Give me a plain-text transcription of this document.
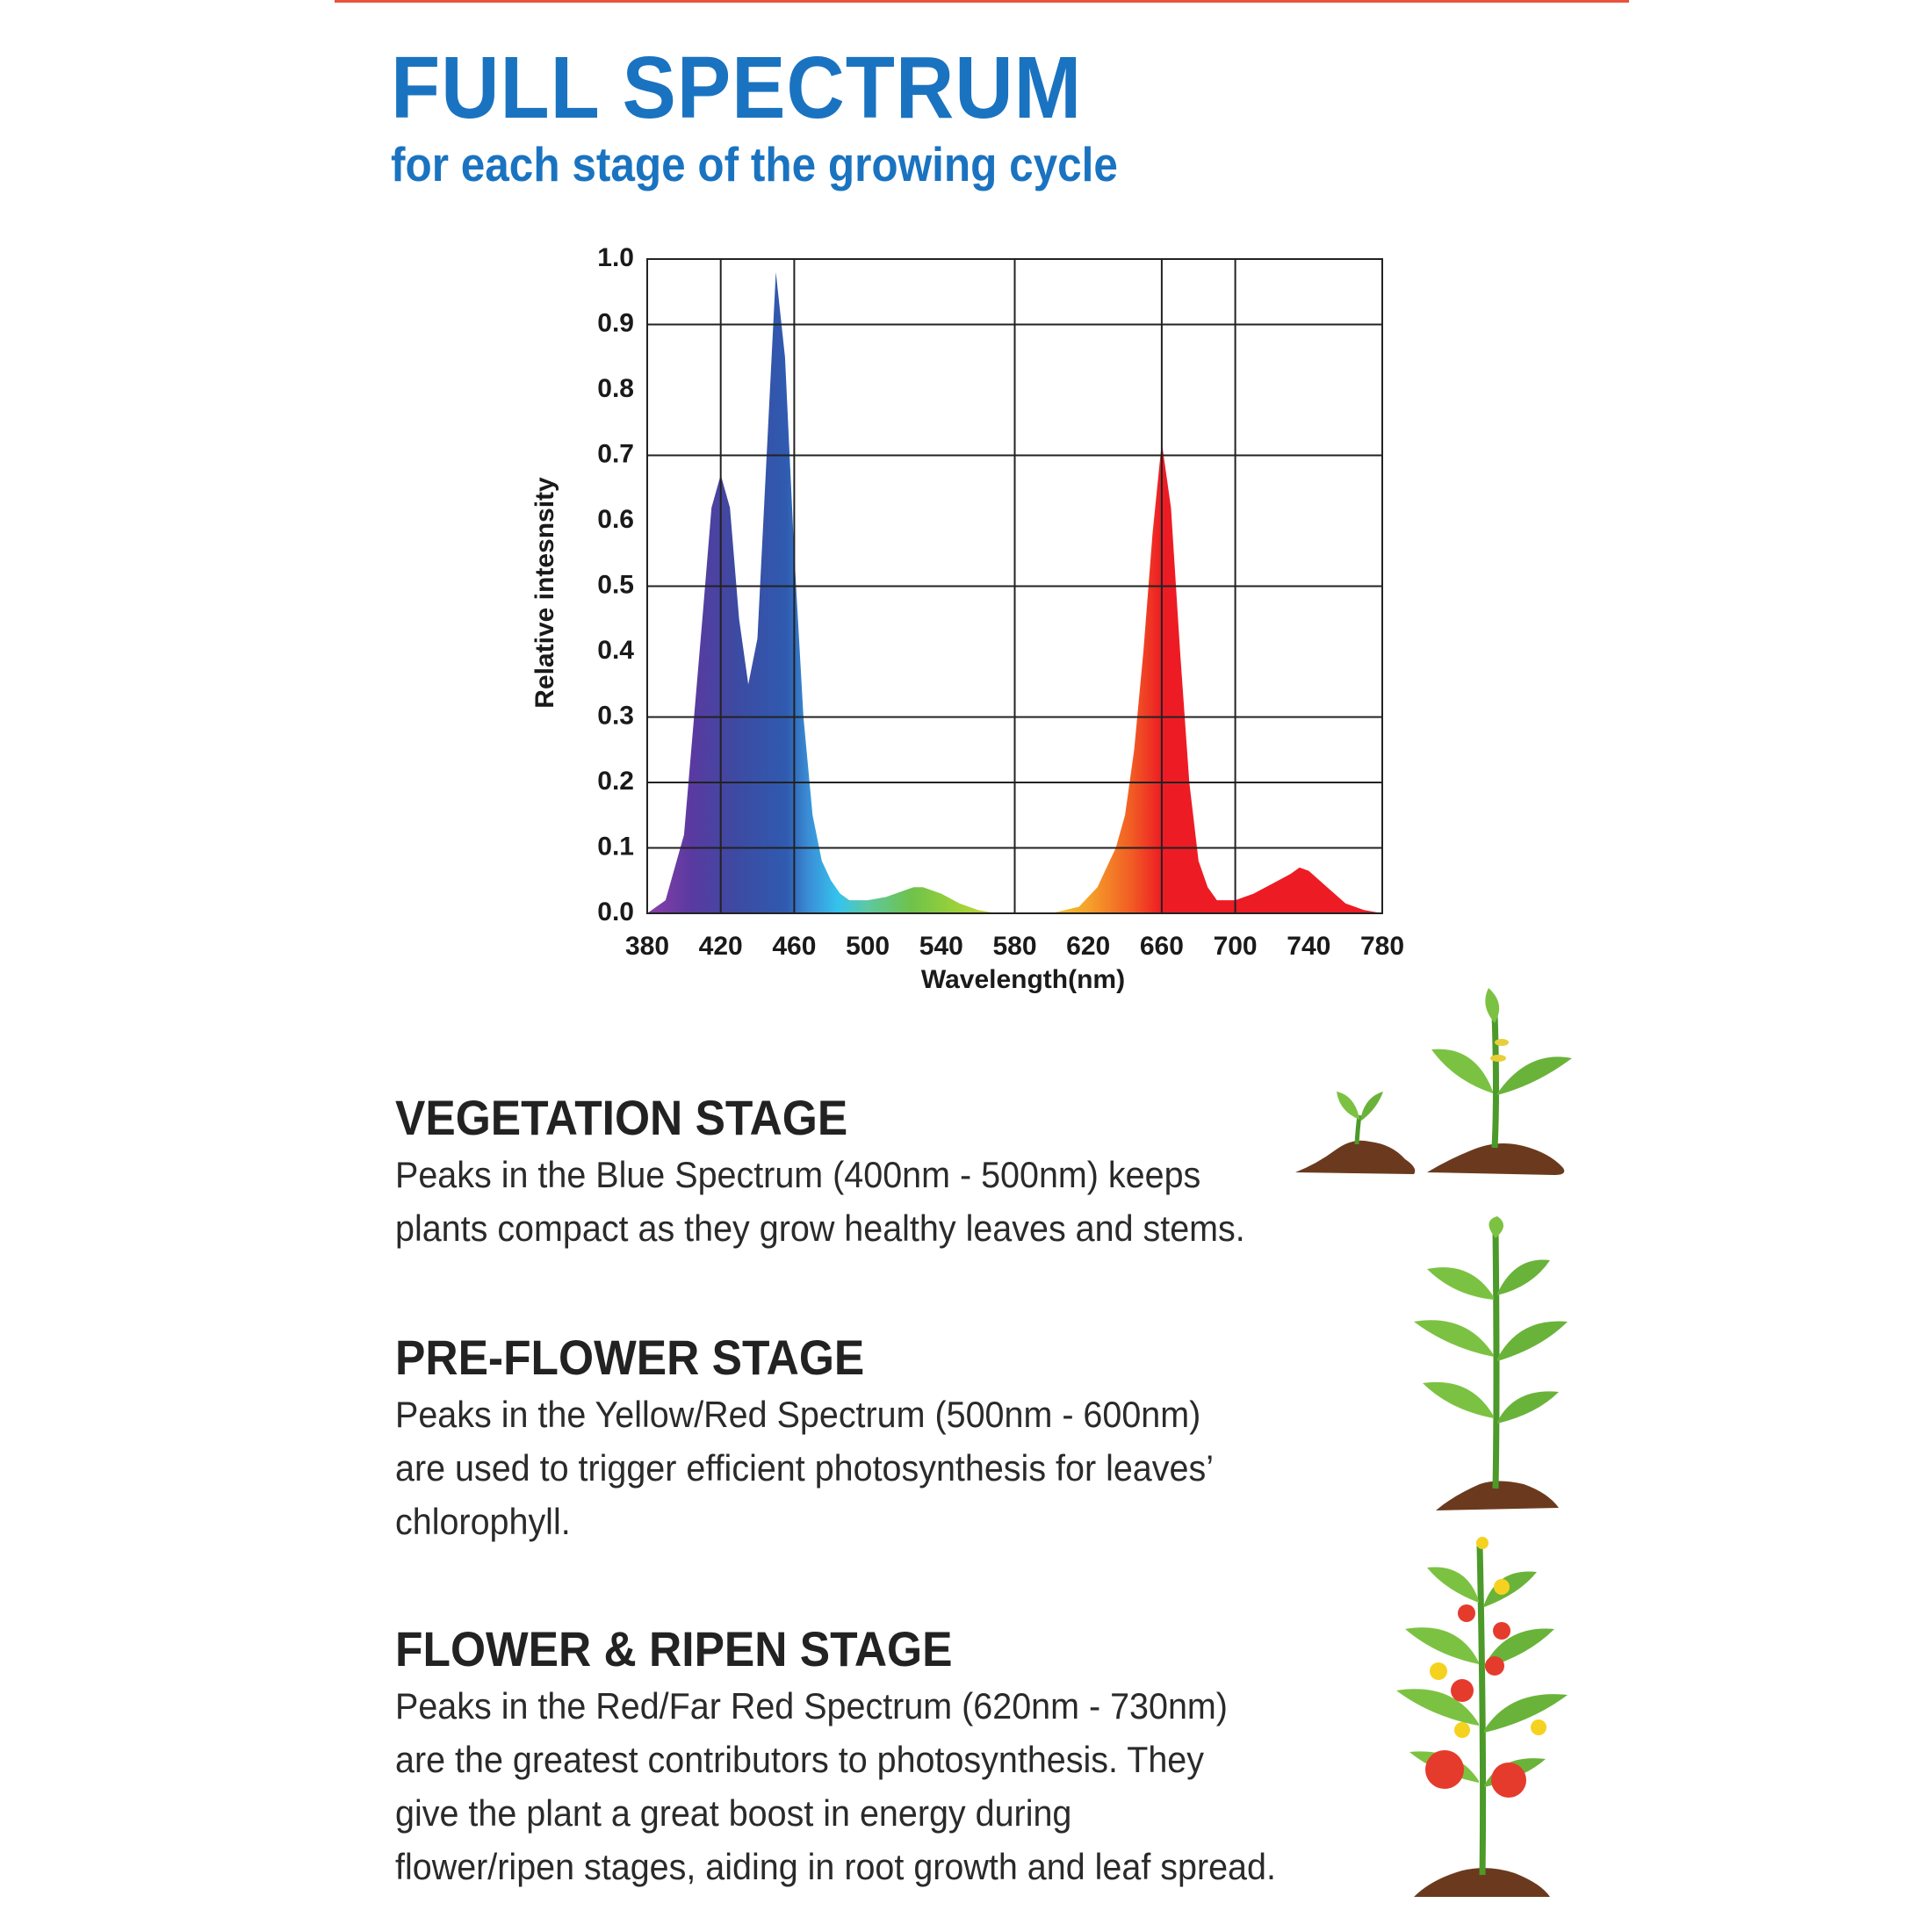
FULL SPECTRUM
for each stage of the growing cycle
0.0
0.1
0.2
0.3
0.4
0.5
0.6
0.7
0.8
0.9
1.0
380 420 460 500 540 580 620 660 700 740 780
Wavelength(nm)
Relative intesnsity
VEGETATION STAGE

Peaks in the Blue Spectrum (400nm - 500nm) keeps
plants compact as they grow healthy leaves and stems.

PRE-FLOWER STAGE

Peaks in the Yellow/Red Spectrum (500nm - 600nm)
are used to trigger efficient photosynthesis for leaves’
chlorophyll.

FLOWER & RIPEN STAGE

Peaks in the Red/Far Red Spectrum (620nm - 730nm)
are the greatest contributors to photosynthesis. They
give the plant a great boost in energy during
flower/ripen stages, aiding in root growth and leaf spread.
